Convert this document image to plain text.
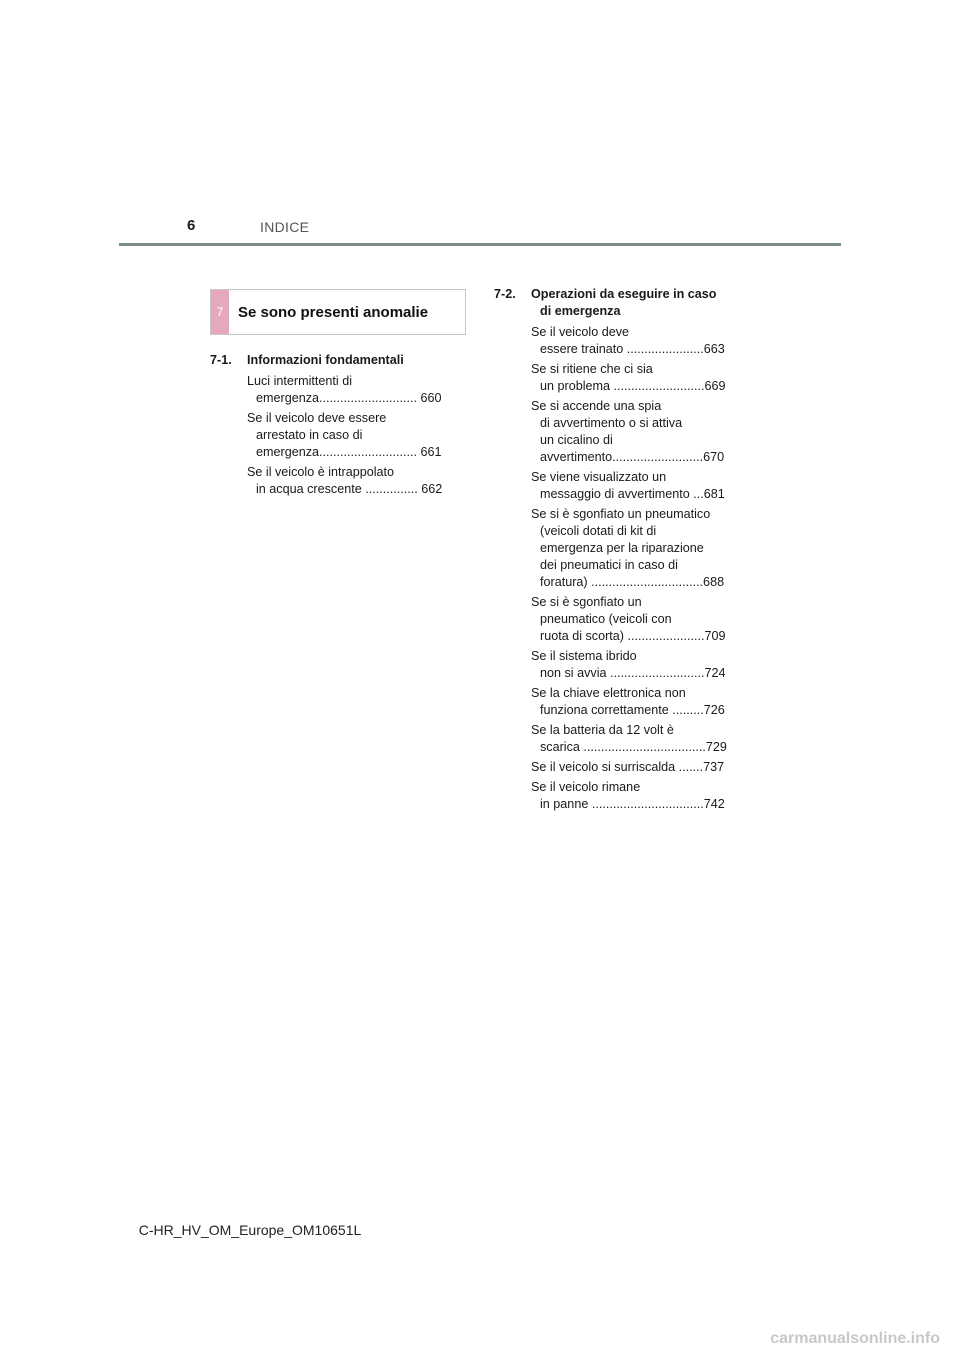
6	INDICE
7 Se sono presenti anomalie
7-1.	Informazioni fondamentali
Luci intermittenti di
emergenza............................ 660
Se il veicolo deve essere
arrestato in caso di
emergenza............................ 661
Se il veicolo è intrappolato
in acqua crescente ............... 662
7-2.	Operazioni da eseguire in caso
di emergenza
Se il veicolo deve
essere trainato ......................663
Se si ritiene che ci sia
un problema ..........................669
Se si accende una spia
di avvertimento o si attiva
un cicalino di
avvertimento..........................670
Se viene visualizzato un
messaggio di avvertimento ...681
Se si è sgonfiato un pneumatico
(veicoli dotati di kit di
emergenza per la riparazione
dei pneumatici in caso di
foratura) ................................688
Se si è sgonfiato un
pneumatico (veicoli con
ruota di scorta) ......................709
Se il sistema ibrido
non si avvia ...........................724
Se la chiave elettronica non
funziona correttamente .........726
Se la batteria da 12 volt è
scarica ...................................729
Se il veicolo si surriscalda .......737
Se il veicolo rimane
in panne ................................742
C-HR_HV_OM_Europe_OM10651L
carmanualsonline.info
